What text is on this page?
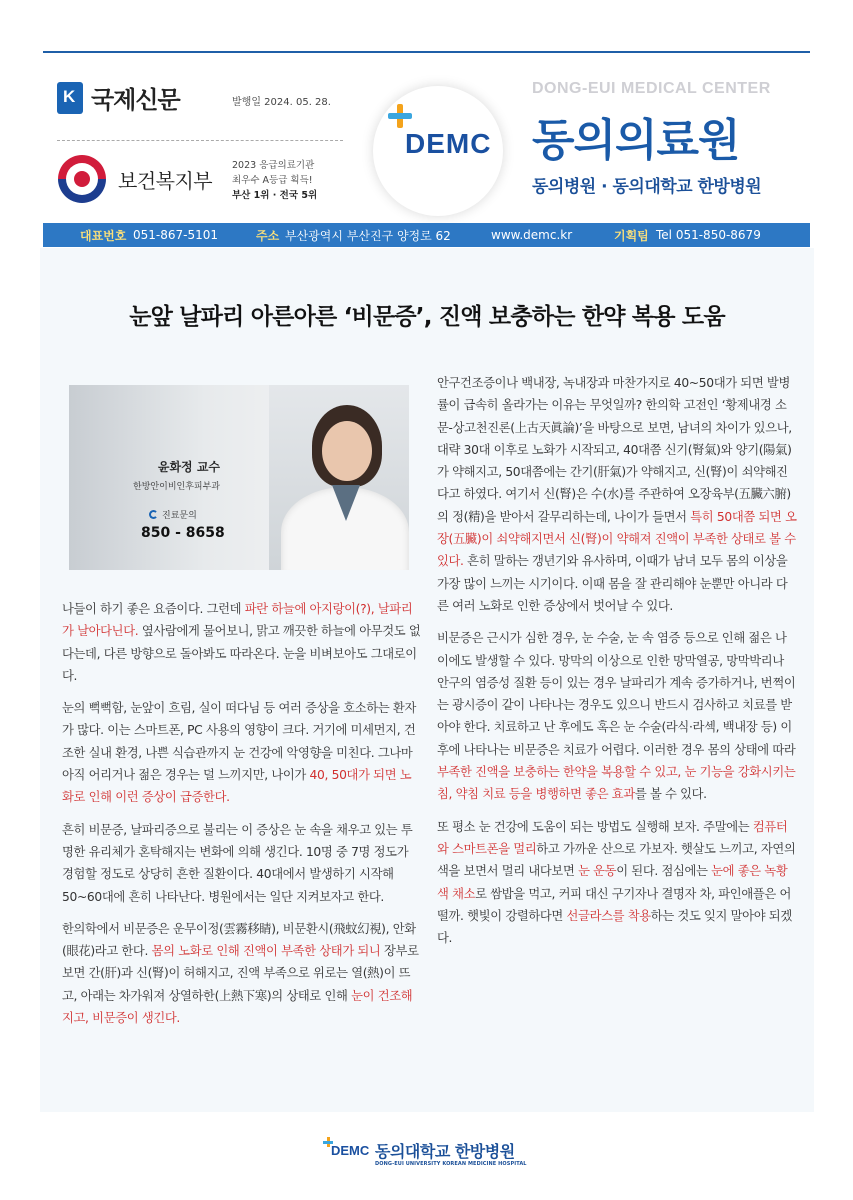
K
국제신문	발행일 2024. 05. 28.
보건복지부
2023 응급의료기관
최우수 A등급 획득!
부산 1위 · 전국 5위
DEMC
DONG-EUI MEDICAL CENTER
동의의료원
동의병원 · 동의대학교 한방병원
대표번호 051-867-5101	주소 부산광역시 부산진구 양정로 62	www.demc.kr	기획팀 Tel 051-850-8679
눈앞 날파리 아른아른 ‘비문증’, 진액 보충하는 한약 복용 도움
윤화정 교수
한방안이비인후피부과
진료문의
850 - 8658

나들이 하기 좋은 요즘이다. 그런데 파란 하늘에 아지랑이(?), 날파리가 날아다닌다. 옆사람에게 물어보니, 맑고 깨끗한 하늘에 아무것도 없다는데, 다른 방향으로 돌아봐도 따라온다. 눈을 비벼보아도 그대로이다.

눈의 뻑뻑함, 눈앞이 흐림, 실이 떠다님 등 여러 증상을 호소하는 환자가 많다. 이는 스마트폰, PC 사용의 영향이 크다. 거기에 미세먼지, 건조한 실내 환경, 나쁜 식습관까지 눈 건강에 악영향을 미친다. 그나마 아직 어리거나 젊은 경우는 덜 느끼지만, 나이가 40, 50대가 되면 노화로 인해 이런 증상이 급증한다.

흔히 비문증, 날파리증으로 불리는 이 증상은 눈 속을 채우고 있는 투명한 유리체가 혼탁해지는 변화에 의해 생긴다. 10명 중 7명 정도가 경험할 정도로 상당히 흔한 질환이다. 40대에서 발생하기 시작해 50~60대에 흔히 나타난다. 병원에서는 일단 지켜보자고 한다.

한의학에서 비문증은 운무이정(雲霧移睛), 비문환시(飛蚊幻視), 안화(眼花)라고 한다. 몸의 노화로 인해 진액이 부족한 상태가 되니 장부로 보면 간(肝)과 신(腎)이 허해지고, 진액 부족으로 위로는 열(熱)이 뜨고, 아래는 차가워져 상열하한(上熱下寒)의 상태로 인해 눈이 건조해지고, 비문증이 생긴다.

안구건조증이나 백내장, 녹내장과 마찬가지로 40~50대가 되면 발병률이 급속히 올라가는 이유는 무엇일까? 한의학 고전인 ‘황제내경 소문-상고천진론(上古天眞論)’을 바탕으로 보면, 남녀의 차이가 있으나, 대략 30대 이후로 노화가 시작되고, 40대쯤 신기(腎氣)와 양기(陽氣)가 약해지고, 50대쯤에는 간기(肝氣)가 약해지고, 신(腎)이 쇠약해진다고 하였다. 여기서 신(腎)은 수(水)를 주관하여 오장육부(五臟六腑)의 정(精)을 받아서 갈무리하는데, 나이가 들면서 특히 50대쯤 되면 오장(五臟)이 쇠약해지면서 신(腎)이 약해져 진액이 부족한 상태로 볼 수 있다. 흔히 말하는 갱년기와 유사하며, 이때가 남녀 모두 몸의 이상을 가장 많이 느끼는 시기이다. 이때 몸을 잘 관리해야 눈뿐만 아니라 다른 여러 노화로 인한 증상에서 벗어날 수 있다.

비문증은 근시가 심한 경우, 눈 수술, 눈 속 염증 등으로 인해 젊은 나이에도 발생할 수 있다. 망막의 이상으로 인한 망막열공, 망막박리나 안구의 염증성 질환 등이 있는 경우 날파리가 계속 증가하거나, 번쩍이는 광시증이 같이 나타나는 경우도 있으니 반드시 검사하고 치료를 받아야 한다. 치료하고 난 후에도 혹은 눈 수술(라식·라섹, 백내장 등) 이후에 나타나는 비문증은 치료가 어렵다. 이러한 경우 몸의 상태에 따라 부족한 진액을 보충하는 한약을 복용할 수 있고, 눈 기능을 강화시키는 침, 약침 치료 등을 병행하면 좋은 효과를 볼 수 있다.

또 평소 눈 건강에 도움이 되는 방법도 실행해 보자. 주말에는 컴퓨터와 스마트폰을 멀리하고 가까운 산으로 가보자. 햇살도 느끼고, 자연의 색을 보면서 멀리 내다보면 눈 운동이 된다. 점심에는 눈에 좋은 녹황색 채소로 쌈밥을 먹고, 커피 대신 구기자나 결명자 차, 파인애플은 어떨까. 햇빛이 강렬하다면 선글라스를 착용하는 것도 잊지 말아야 되겠다.

DEMC 동의대학교 한방병원
DONG-EUI UNIVERSITY KOREAN MEDICINE HOSPITAL
